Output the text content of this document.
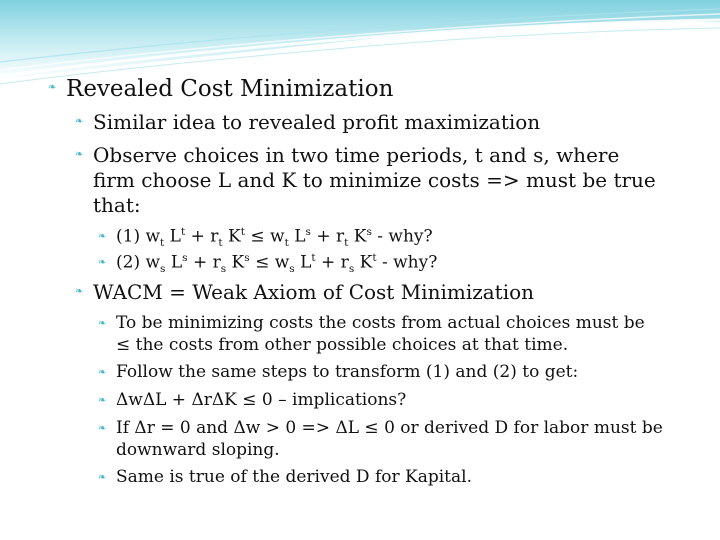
❧ Revealed Cost Minimization
❧ Similar idea to revealed profit maximization
❧ Observe choices in two time periods, t and s, where
firm choose L and K to minimize costs => must be true
that:
❧ (1) $w_t$ $L^t + r_t$ $K^t \le w_t$ $L^s + r_t$ $K^s$ - why?
❧ (2) $w_s$ $L^s + r_s$ $K^s \le w_s$ $L^t + r_s$ $K^t$ - why?
❧ WACM = Weak Axiom of Cost Minimization
❧ To be minimizing costs the costs from actual choices must be
≤ the costs from other possible choices at that time.
❧ Follow the same steps to transform (1) and (2) to get:
❧ ΔwΔL + ΔrΔK ≤ 0 – implications?
❧ If Δr = 0 and Δw > 0 => ΔL ≤ 0 or derived D for labor must be
downward sloping.
❧ Same is true of the derived D for Kapital.
